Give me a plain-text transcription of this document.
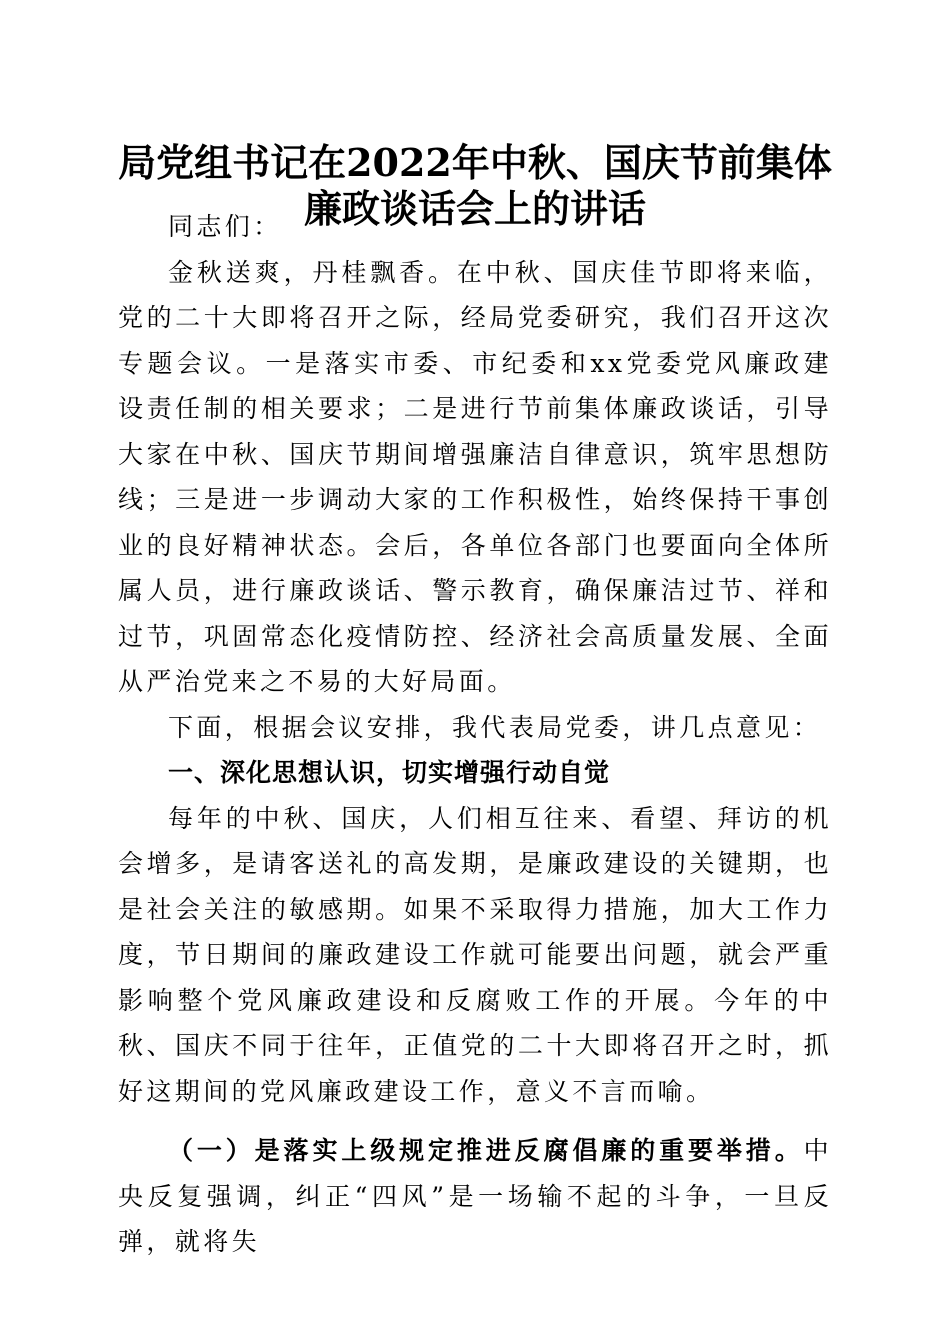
局党组书记在2022年中秋、国庆节前集体廉政谈话会上的讲话

同志们：

金秋送爽，丹桂飘香。在中秋、国庆佳节即将来临，党的二十大即将召开之际，经局党委研究，我们召开这次专题会议。一是落实市委、市纪委和xx党委党风廉政建设责任制的相关要求；二是进行节前集体廉政谈话，引导大家在中秋、国庆节期间增强廉洁自律意识，筑牢思想防线；三是进一步调动大家的工作积极性，始终保持干事创业的良好精神状态。会后，各单位各部门也要面向全体所属人员，进行廉政谈话、警示教育，确保廉洁过节、祥和过节，巩固常态化疫情防控、经济社会高质量发展、全面从严治党来之不易的大好局面。

下面，根据会议安排，我代表局党委，讲几点意见：

一、深化思想认识，切实增强行动自觉

每年的中秋、国庆，人们相互往来、看望、拜访的机会增多，是请客送礼的高发期，是廉政建设的关键期，也是社会关注的敏感期。如果不采取得力措施，加大工作力度，节日期间的廉政建设工作就可能要出问题，就会严重影响整个党风廉政建设和反腐败工作的开展。今年的中秋、国庆不同于往年，正值党的二十大即将召开之时，抓好这期间的党风廉政建设工作，意义不言而喻。

（一）是落实上级规定推进反腐倡廉的重要举措。中央反复强调，纠正“四风”是一场输不起的斗争，一旦反弹，就将失
